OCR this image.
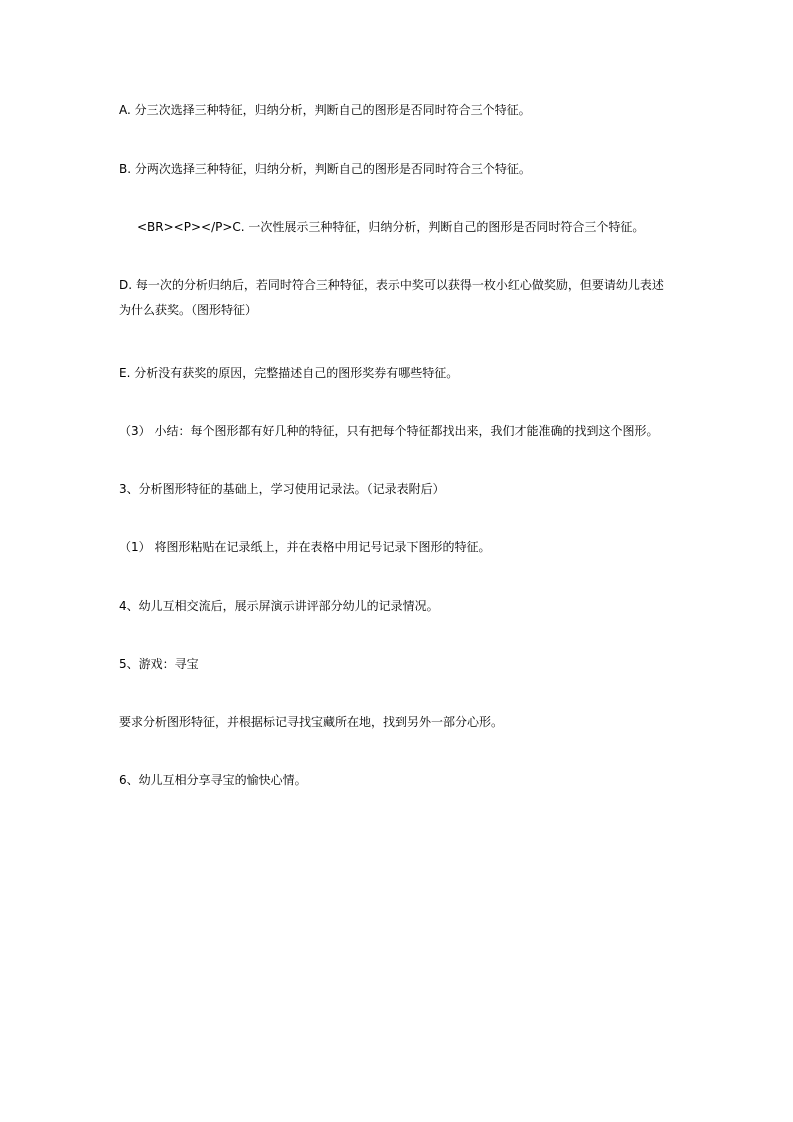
A. 分三次选择三种特征，归纳分析，判断自己的图形是否同时符合三个特征。

B. 分两次选择三种特征，归纳分析，判断自己的图形是否同时符合三个特征。

<BR><P></P>C. 一次性展示三种特征，归纳分析，判断自己的图形是否同时符合三个特征。

D. 每一次的分析归纳后，若同时符合三种特征，表示中奖可以获得一枚小红心做奖励，但要请幼儿表述为什么获奖。（图形特征）

E. 分析没有获奖的原因，完整描述自己的图形奖券有哪些特征。

（3） 小结：每个图形都有好几种的特征，只有把每个特征都找出来，我们才能准确的找到这个图形。

3、分析图形特征的基础上，学习使用记录法。（记录表附后）

（1） 将图形粘贴在记录纸上，并在表格中用记号记录下图形的特征。

4、幼儿互相交流后，展示屏演示讲评部分幼儿的记录情况。

5、游戏：寻宝

要求分析图形特征，并根据标记寻找宝藏所在地，找到另外一部分心形。

6、幼儿互相分享寻宝的愉快心情。
